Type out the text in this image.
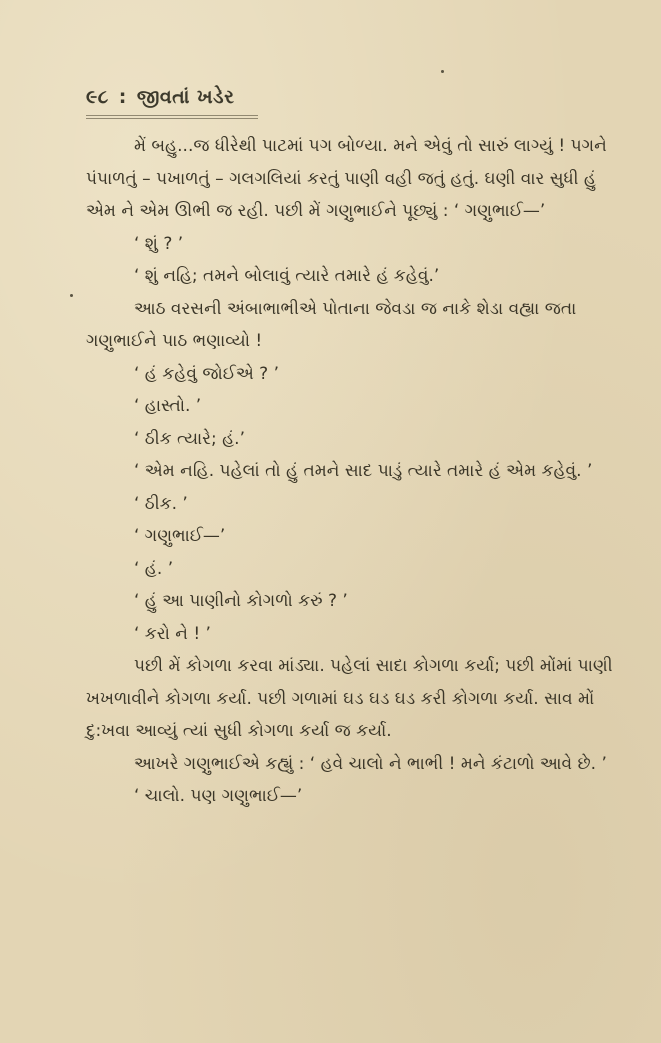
૯૮ : જીવતાં ખડેર

મેં બહુ...જ ધીરેથી પાટમાં પગ બોળ્યા. મને એવું તો સારું લાગ્યું ! પગને પંપાળતું – પખાળતું – ગલગલિયાં કરતું પાણી વહી જતું હતું. ઘણી વાર સુધી હું એમ ને એમ ઊભી જ રહી. પછી મેં ગણુભાઈને પૂછ્યું : ‘ ગણુભાઈ—’

‘ શું ? ’

‘ શું નહિ; તમને બોલાવું ત્યારે તમારે હં કહેવું.’

આઠ વરસની અંબાભાભીએ પોતાના જેવડા જ નાકે શેડા વહ્યા જતા ગણુભાઈને પાઠ ભણાવ્યો !

‘ હં કહેવું જોઈએ ? ’

‘ હાસ્તો. ’

‘ ઠીક ત્યારે; હં.’

‘ એમ નહિ. પહેલાં તો હું તમને સાદ પાડું ત્યારે તમારે હં એમ કહેવું. ’

‘ ઠીક. ’

‘ ગણુભાઈ—’

‘ હં. ’

‘ હું આ પાણીનો કોગળો કરું ? ’

‘ કરો ને ! ’

પછી મેં કોગળા કરવા માંડ્યા. પહેલાં સાદા કોગળા કર્યા; પછી મોંમાં પાણી ખખળાવીને કોગળા કર્યા. પછી ગળામાં ઘડ ઘડ ઘડ કરી કોગળા કર્યા. સાવ મોં દુ:ખવા આવ્યું ત્યાં સુધી કોગળા કર્યા જ કર્યા.

આખરે ગણુભાઈએ કહ્યું : ‘ હવે ચાલો ને ભાભી ! મને કંટાળો આવે છે. ’

‘ ચાલો. પણ ગણુભાઈ—’
